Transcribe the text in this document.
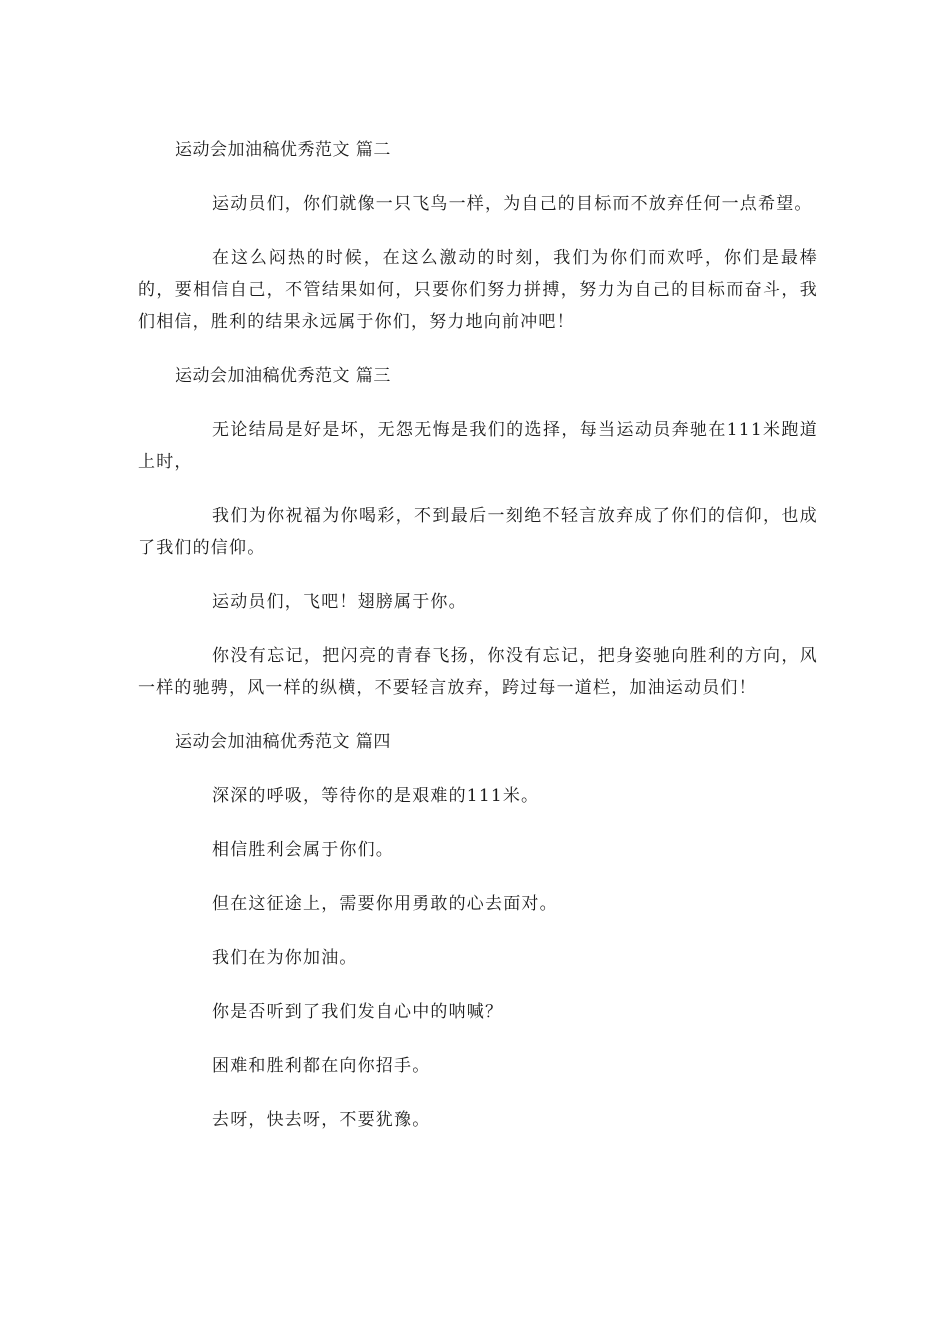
运动会加油稿优秀范文 篇二

运动员们，你们就像一只飞鸟一样，为自己的目标而不放弃任何一点希望。

在这么闷热的时候，在这么激动的时刻，我们为你们而欢呼，你们是最棒的，要相信自己，不管结果如何，只要你们努力拼搏，努力为自己的目标而奋斗，我们相信，胜利的结果永远属于你们，努力地向前冲吧！

运动会加油稿优秀范文 篇三

无论结局是好是坏，无怨无悔是我们的选择，每当运动员奔驰在111米跑道上时，

我们为你祝福为你喝彩，不到最后一刻绝不轻言放弃成了你们的信仰，也成了我们的信仰。

运动员们，飞吧！翅膀属于你。

你没有忘记，把闪亮的青春飞扬，你没有忘记，把身姿驰向胜利的方向，风一样的驰骋，风一样的纵横，不要轻言放弃，跨过每一道栏，加油运动员们！

运动会加油稿优秀范文 篇四

深深的呼吸，等待你的是艰难的111米。

相信胜利会属于你们。

但在这征途上，需要你用勇敢的心去面对。

我们在为你加油。

你是否听到了我们发自心中的呐喊？

困难和胜利都在向你招手。

去呀，快去呀，不要犹豫。
